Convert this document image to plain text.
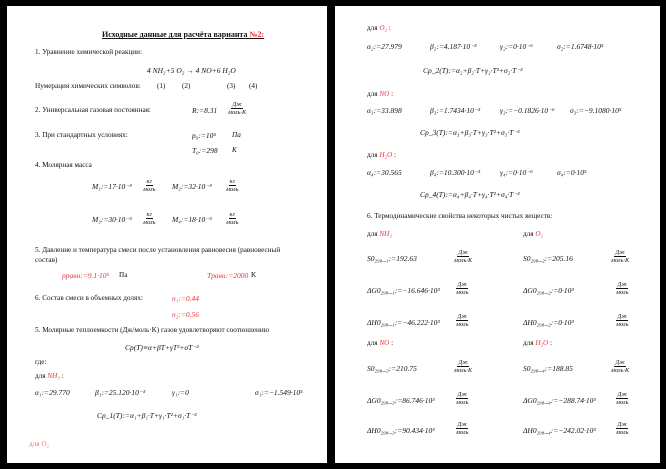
Исходные данные для расчёта варианта №2:
1. Уравнение химической реакции:
4 NH₃+5 O₂ → 4 NO+6 H₂O
Нумерация химических символов: (1) (2)	(3) (4)
2. Универсальная газовая постоянная:	R:=8.31
Дж
моль·K
3. При стандартных условиях:	p₀:=10⁵ Па
T₀:=298 K
4. Молярная масса
M₁:=17·10⁻³
кг
моль M₂:=32·10⁻³
кг
моль
M₃:=30·10⁻³
кг
моль M₄:=18·10⁻³
кг
моль
5. Давление и температура смеси после установления равновесия (равновесный
состав)
pравн:=9.1·10⁵ Па	Tравн:=2000 K
6. Состав смеси в объемных долях:	n₁:=0.44
n₂:=0.56
5. Молярные теплоемкости (Дж/моль·K) газов удовлетворяют соотношению
Cp(T)≡α+βT+γT²+σT⁻²
где:
для NH₃ :
α₁:=29.770	β₁:=25.120·10⁻³	γ₁:=0	σ₁:=−1.549·10⁵
Cp_1(T):=α₁+β₁·T+γ₁·T²+σ₁·T⁻²
для O₂
для O₂ :
α₂:=27.979	β₂:=4.187·10⁻³	γ₂:=0·10⁻⁶	σ₂:=1.6748·10⁵
Cp_2(T):=α₂+β₂·T+γ₂·T²+σ₂·T⁻²
для NO :
α₃:=33.898	β₃:=1.7434·10⁻³	γ₃:=−0.1826·10⁻⁶ σ₃:=−9.1080·10⁵
Cp_3(T):=α₃+β₃·T+γ₃·T²+σ₃·T⁻²
для H₂O :
α₄:=30.565	β₄:=10.300·10⁻³	γ₄:=0·10⁻⁶	σ₄:=0·10⁵
Cp_4(T):=α₄+β₄·T+γ₄·T²+σ₄·T⁻²
6. Термодинамические свойства некоторых чистых веществ:
для NH₃	для O₂
S0₂₉₈_₁:=192.63
Дж
моль·K	S0₂₉₈_₂:=205.16
Дж
моль·K
ΔG0₂₉₈_₁:=−16.646·10³
Дж
моль	ΔG0₂₉₈_₂:=0·10³
Дж
моль
ΔH0₂₉₈_₁:=−46.222·10³
Дж
моль	ΔH0₂₉₈_₂:=0·10³
Дж
моль
для NO :	для H₂O :
S0₂₉₈_₃:=210.75
Дж
моль·K	S0₂₉₈_₄:=188.85
Дж
моль·K
ΔG0₂₉₈_₃:=86.746·10³
Дж
моль	ΔG0₂₉₈_₄:=−288.74·10³
Дж
моль
ΔH0₂₉₈_₃:=90.434·10³
Дж
моль	ΔH0₂₉₈_₄:=−242.02·10³
Дж
моль
